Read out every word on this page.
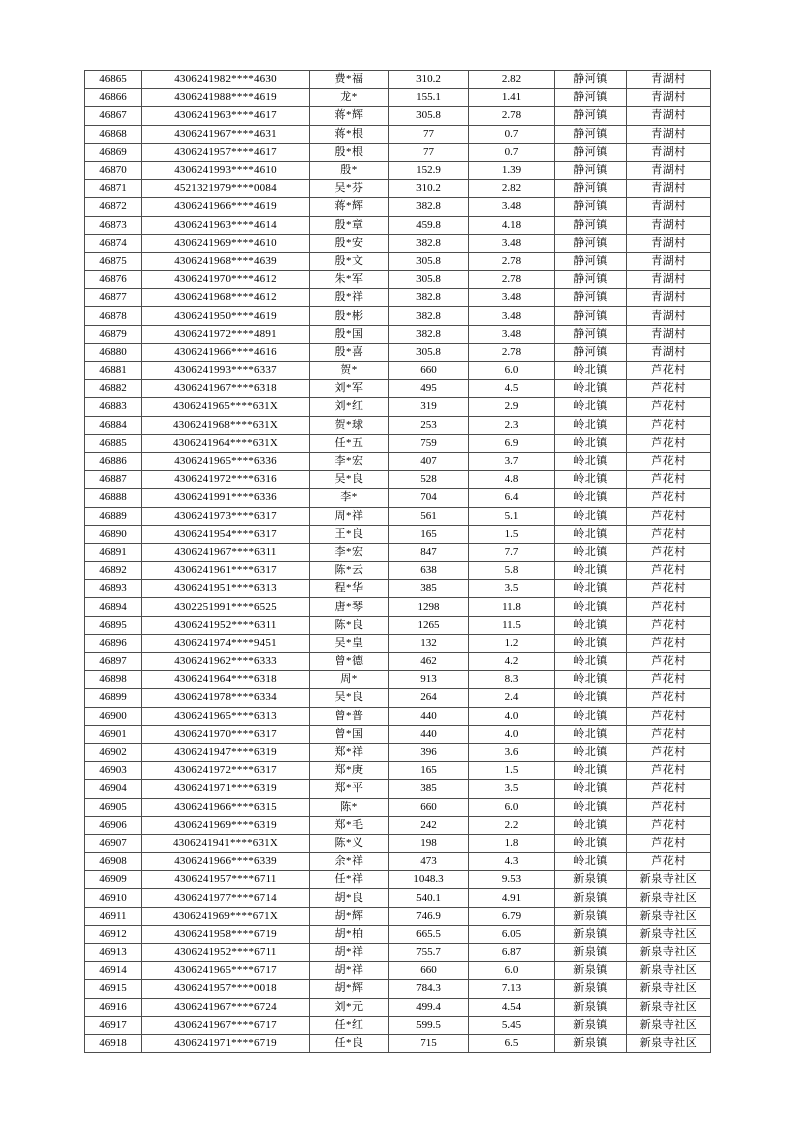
46865	4306241982****4630	费*福	310.2	2.82	静河镇	青湖村
46866	4306241988****4619	龙*	155.1	1.41	静河镇	青湖村
46867	4306241963****4617	蒋*辉	305.8	2.78	静河镇	青湖村
46868	4306241967****4631	蒋*根	77	0.7	静河镇	青湖村
46869	4306241957****4617	殷*根	77	0.7	静河镇	青湖村
46870	4306241993****4610	殷*	152.9	1.39	静河镇	青湖村
46871	4521321979****0084	吴*芬	310.2	2.82	静河镇	青湖村
46872	4306241966****4619	蒋*辉	382.8	3.48	静河镇	青湖村
46873	4306241963****4614	殷*章	459.8	4.18	静河镇	青湖村
46874	4306241969****4610	殷*安	382.8	3.48	静河镇	青湖村
46875	4306241968****4639	殷*文	305.8	2.78	静河镇	青湖村
46876	4306241970****4612	朱*军	305.8	2.78	静河镇	青湖村
46877	4306241968****4612	殷*祥	382.8	3.48	静河镇	青湖村
46878	4306241950****4619	殷*彬	382.8	3.48	静河镇	青湖村
46879	4306241972****4891	殷*国	382.8	3.48	静河镇	青湖村
46880	4306241966****4616	殷*喜	305.8	2.78	静河镇	青湖村
46881	4306241993****6337	贺*	660	6.0	岭北镇	芦花村
46882	4306241967****6318	刘*军	495	4.5	岭北镇	芦花村
46883	4306241965****631X	刘*红	319	2.9	岭北镇	芦花村
46884	4306241968****631X	贺*球	253	2.3	岭北镇	芦花村
46885	4306241964****631X	任*五	759	6.9	岭北镇	芦花村
46886	4306241965****6336	李*宏	407	3.7	岭北镇	芦花村
46887	4306241972****6316	吴*良	528	4.8	岭北镇	芦花村
46888	4306241991****6336	李*	704	6.4	岭北镇	芦花村
46889	4306241973****6317	周*祥	561	5.1	岭北镇	芦花村
46890	4306241954****6317	王*良	165	1.5	岭北镇	芦花村
46891	4306241967****6311	李*宏	847	7.7	岭北镇	芦花村
46892	4306241961****6317	陈*云	638	5.8	岭北镇	芦花村
46893	4306241951****6313	程*华	385	3.5	岭北镇	芦花村
46894	4302251991****6525	唐*琴	1298	11.8	岭北镇	芦花村
46895	4306241952****6311	陈*良	1265	11.5	岭北镇	芦花村
46896	4306241974****9451	吴*皇	132	1.2	岭北镇	芦花村
46897	4306241962****6333	曾*德	462	4.2	岭北镇	芦花村
46898	4306241964****6318	周*	913	8.3	岭北镇	芦花村
46899	4306241978****6334	吴*良	264	2.4	岭北镇	芦花村
46900	4306241965****6313	曾*普	440	4.0	岭北镇	芦花村
46901	4306241970****6317	曾*国	440	4.0	岭北镇	芦花村
46902	4306241947****6319	郑*祥	396	3.6	岭北镇	芦花村
46903	4306241972****6317	郑*庚	165	1.5	岭北镇	芦花村
46904	4306241971****6319	郑*平	385	3.5	岭北镇	芦花村
46905	4306241966****6315	陈*	660	6.0	岭北镇	芦花村
46906	4306241969****6319	郑*毛	242	2.2	岭北镇	芦花村
46907	4306241941****631X	陈*义	198	1.8	岭北镇	芦花村
46908	4306241966****6339	余*祥	473	4.3	岭北镇	芦花村
46909	4306241957****6711	任*祥	1048.3	9.53	新泉镇	新泉寺社区
46910	4306241977****6714	胡*良	540.1	4.91	新泉镇	新泉寺社区
46911	4306241969****671X	胡*辉	746.9	6.79	新泉镇	新泉寺社区
46912	4306241958****6719	胡*柏	665.5	6.05	新泉镇	新泉寺社区
46913	4306241952****6711	胡*祥	755.7	6.87	新泉镇	新泉寺社区
46914	4306241965****6717	胡*祥	660	6.0	新泉镇	新泉寺社区
46915	4306241957****0018	胡*辉	784.3	7.13	新泉镇	新泉寺社区
46916	4306241967****6724	刘*元	499.4	4.54	新泉镇	新泉寺社区
46917	4306241967****6717	任*红	599.5	5.45	新泉镇	新泉寺社区
46918	4306241971****6719	任*良	715	6.5	新泉镇	新泉寺社区
